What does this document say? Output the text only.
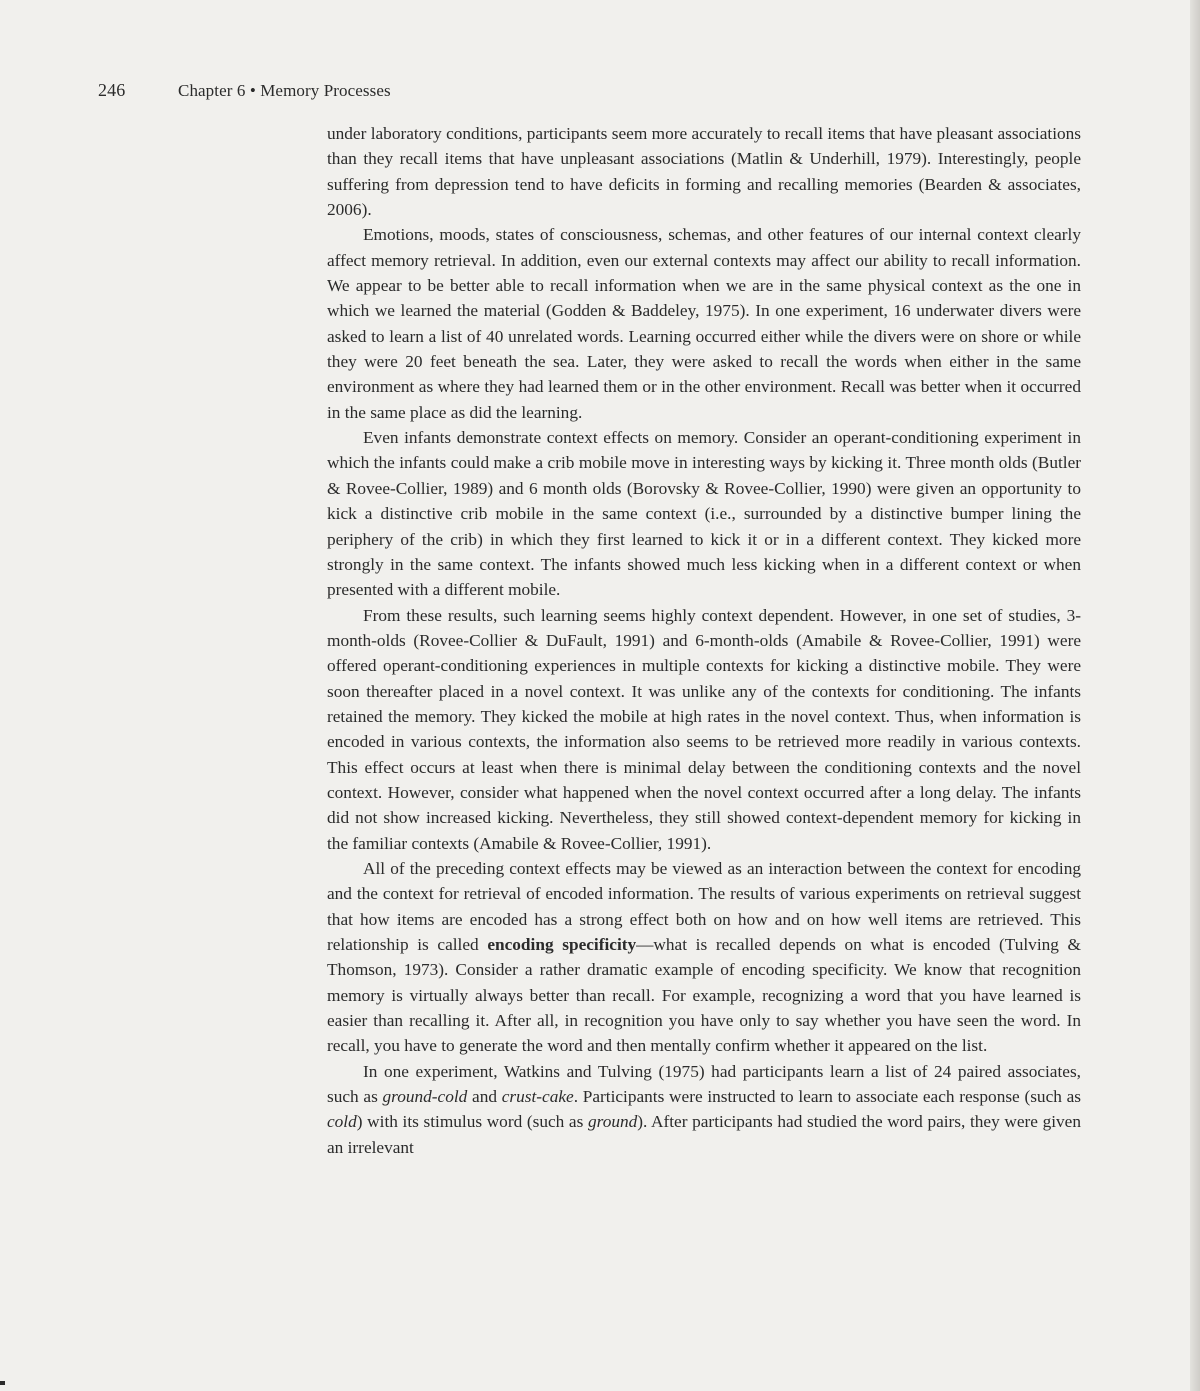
246	Chapter 6 • Memory Processes

under laboratory conditions, participants seem more accurately to recall items that have pleasant associations than they recall items that have unpleasant associations (Matlin & Underhill, 1979). Interestingly, people suffering from depression tend to have deficits in forming and recalling memories (Bearden & associates, 2006).

Emotions, moods, states of consciousness, schemas, and other features of our internal context clearly affect memory retrieval. In addition, even our external contexts may affect our ability to recall information. We appear to be better able to recall information when we are in the same physical context as the one in which we learned the material (Godden & Baddeley, 1975). In one experiment, 16 underwater divers were asked to learn a list of 40 unrelated words. Learning occurred either while the divers were on shore or while they were 20 feet beneath the sea. Later, they were asked to recall the words when either in the same environment as where they had learned them or in the other environment. Recall was better when it occurred in the same place as did the learning.

Even infants demonstrate context effects on memory. Consider an operant-conditioning experiment in which the infants could make a crib mobile move in interesting ways by kicking it. Three month olds (Butler & Rovee-Collier, 1989) and 6 month olds (Borovsky & Rovee-Collier, 1990) were given an opportunity to kick a distinctive crib mobile in the same context (i.e., surrounded by a distinctive bumper lining the periphery of the crib) in which they first learned to kick it or in a different context. They kicked more strongly in the same context. The infants showed much less kicking when in a different context or when presented with a different mobile.

From these results, such learning seems highly context dependent. However, in one set of studies, 3-month-olds (Rovee-Collier & DuFault, 1991) and 6-month-olds (Amabile & Rovee-Collier, 1991) were offered operant-conditioning experiences in multiple contexts for kicking a distinctive mobile. They were soon thereafter placed in a novel context. It was unlike any of the contexts for conditioning. The infants retained the memory. They kicked the mobile at high rates in the novel context. Thus, when information is encoded in various contexts, the information also seems to be retrieved more readily in various contexts. This effect occurs at least when there is minimal delay between the conditioning contexts and the novel context. However, consider what happened when the novel context occurred after a long delay. The infants did not show increased kicking. Nevertheless, they still showed context-dependent memory for kicking in the familiar contexts (Amabile & Rovee-Collier, 1991).

All of the preceding context effects may be viewed as an interaction between the context for encoding and the context for retrieval of encoded information. The results of various experiments on retrieval suggest that how items are encoded has a strong effect both on how and on how well items are retrieved. This relationship is called encoding specificity—what is recalled depends on what is encoded (Tulving & Thomson, 1973). Consider a rather dramatic example of encoding specificity. We know that recognition memory is virtually always better than recall. For example, recognizing a word that you have learned is easier than recalling it. After all, in recognition you have only to say whether you have seen the word. In recall, you have to generate the word and then mentally confirm whether it appeared on the list.

In one experiment, Watkins and Tulving (1975) had participants learn a list of 24 paired associates, such as ground-cold and crust-cake. Participants were instructed to learn to associate each response (such as cold) with its stimulus word (such as ground). After participants had studied the word pairs, they were given an irrelevant
